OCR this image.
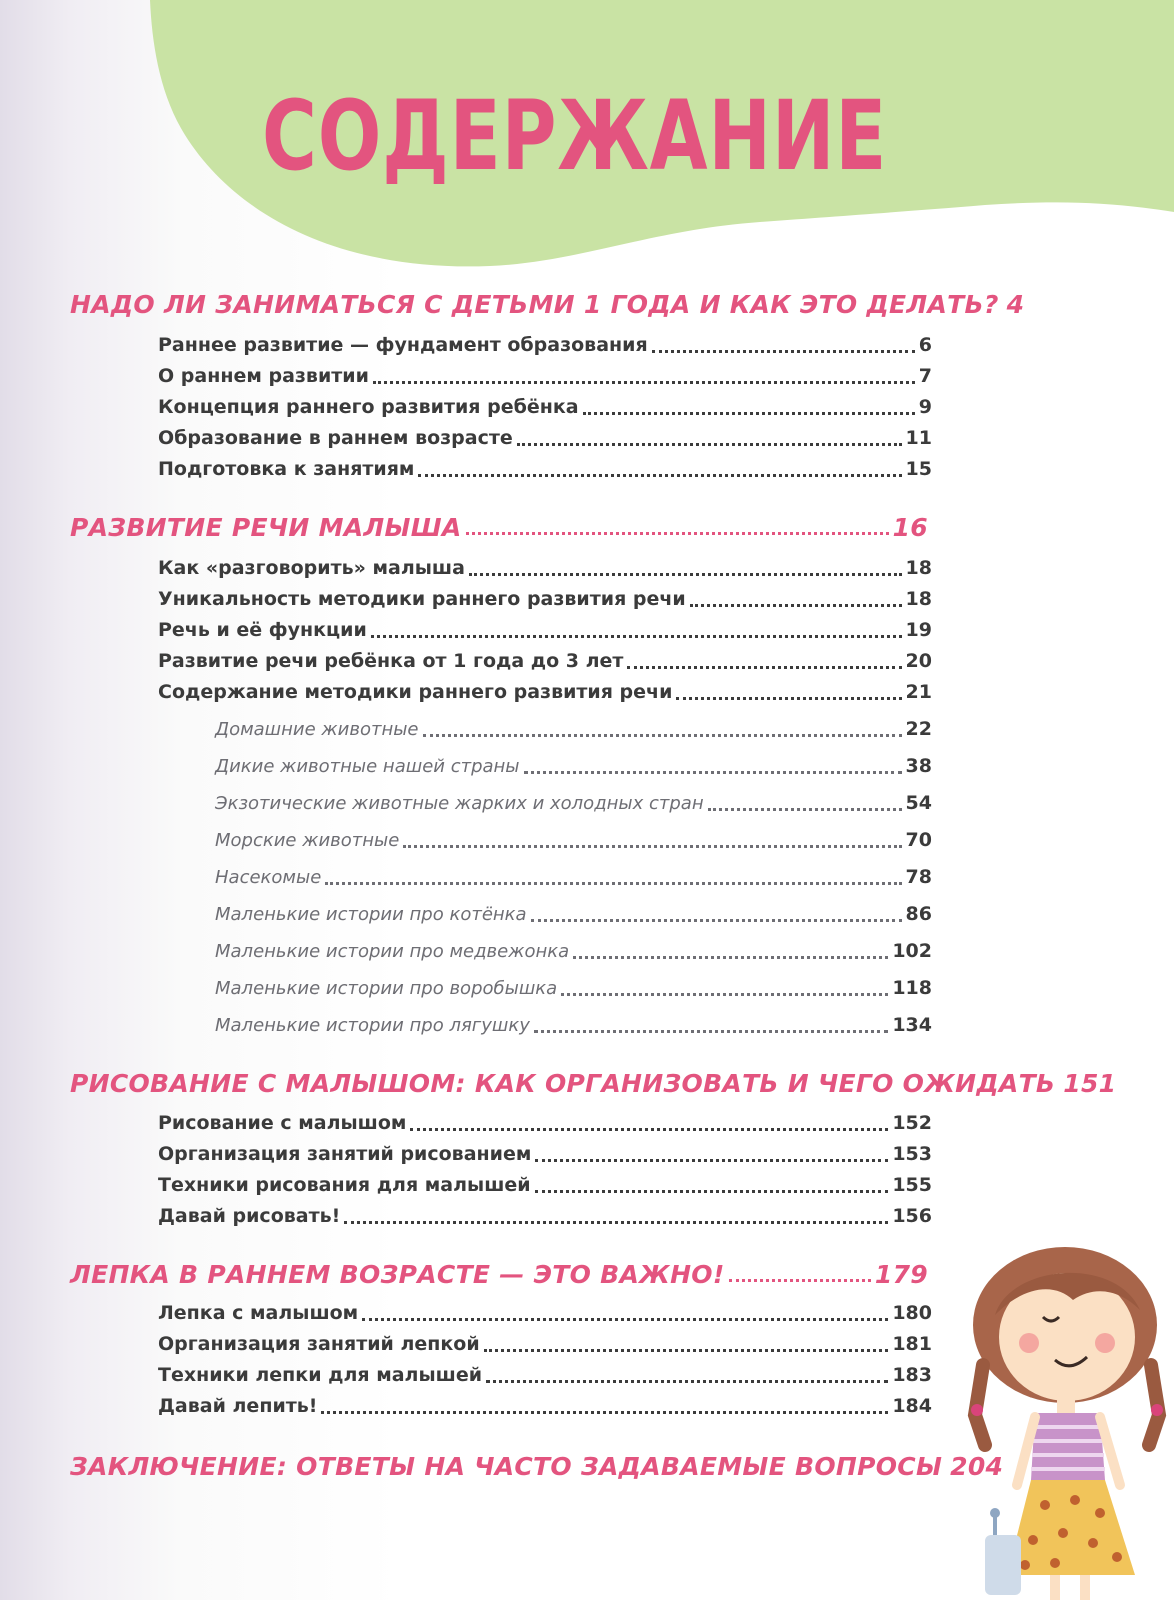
СОДЕРЖАНИЕ
НАДО ЛИ ЗАНИМАТЬСЯ С ДЕТЬМИ 1 ГОДА И КАК ЭТО ДЕЛАТЬ? 4
Раннее развитие — фундамент образования	6
О раннем развитии	7
Концепция раннего развития ребёнка	9
Образование в раннем возрасте	11
Подготовка к занятиям	15
РАЗВИТИЕ РЕЧИ МАЛЫША	16
Как «разговорить» малыша	18
Уникальность методики раннего развития речи	18
Речь и её функции	19
Развитие речи ребёнка от 1 года до 3 лет	20
Содержание методики раннего развития речи	21
Домашние животные	22
Дикие животные нашей страны	38
Экзотические животные жарких и холодных стран	54
Морские животные	70
Насекомые	78
Маленькие истории про котёнка	86
Маленькие истории про медвежонка	102
Маленькие истории про воробышка	118
Маленькие истории про лягушку	134
РИСОВАНИЕ С МАЛЫШОМ: КАК ОРГАНИЗОВАТЬ И ЧЕГО ОЖИДАТЬ 151
Рисование с малышом	152
Организация занятий рисованием	153
Техники рисования для малышей	155
Давай рисовать!	156
ЛЕПКА В РАННЕМ ВОЗРАСТЕ — ЭТО ВАЖНО!	179
Лепка с малышом	180
Организация занятий лепкой	181
Техники лепки для малышей	183
Давай лепить!	184
ЗАКЛЮЧЕНИЕ: ОТВЕТЫ НА ЧАСТО ЗАДАВАЕМЫЕ ВОПРОСЫ 204
